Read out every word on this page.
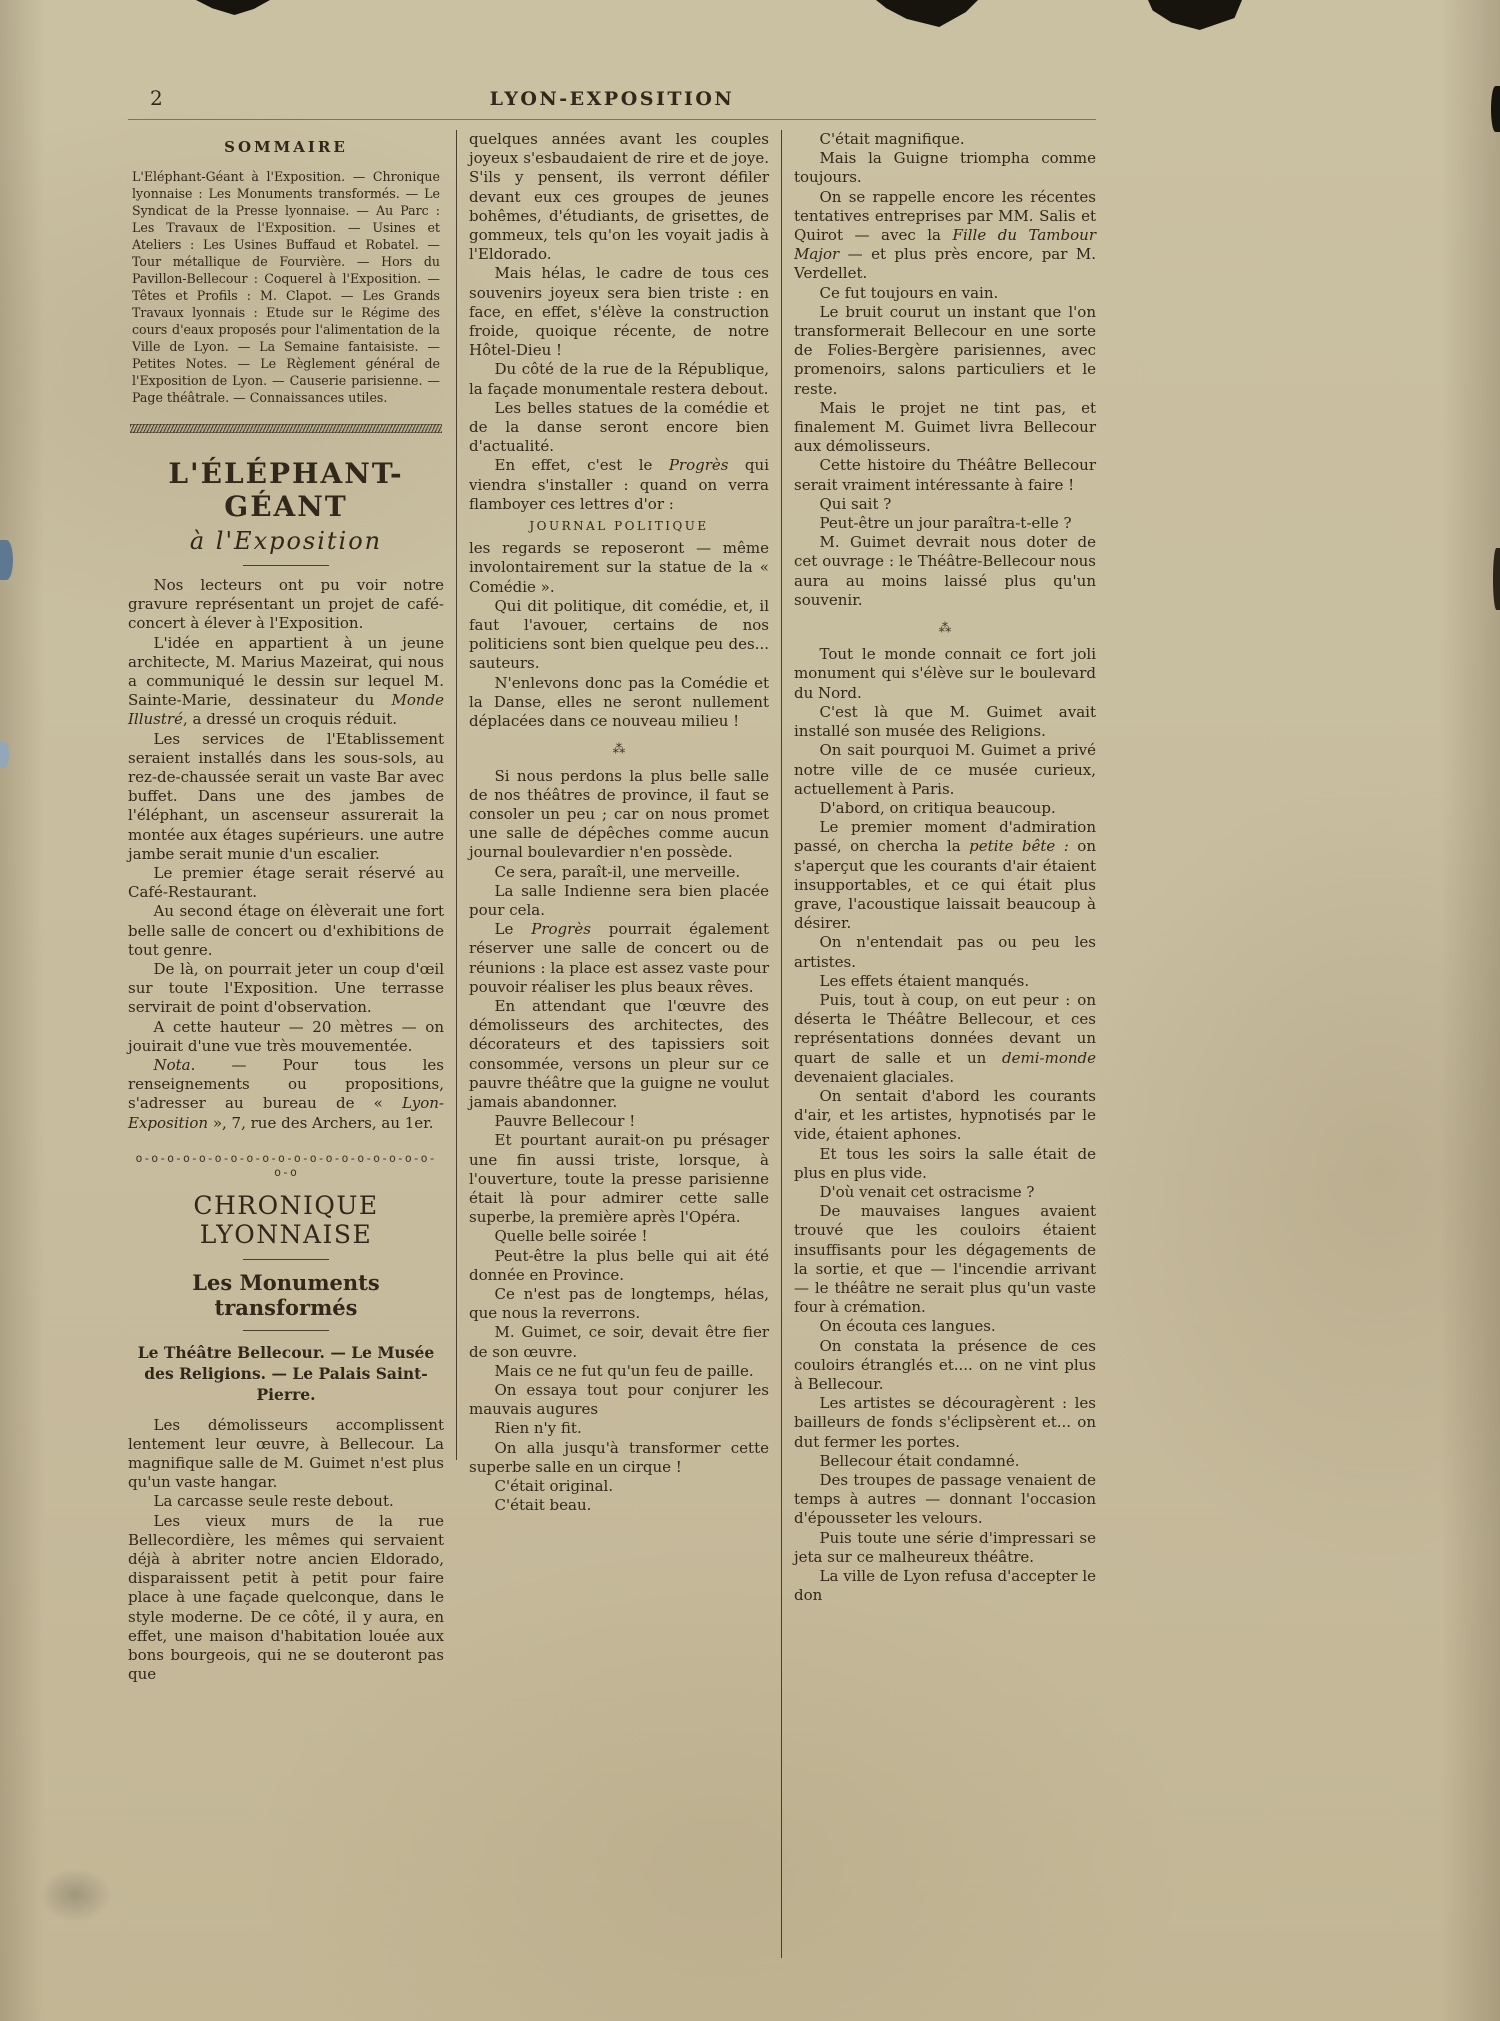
2	LYON-EXPOSITION
SOMMAIRE

L'Eléphant-Géant à l'Exposition. — Chronique lyonnaise : Les Monuments transformés. — Le Syndicat de la Presse lyonnaise. — Au Parc : Les Travaux de l'Exposition. — Usines et Ateliers : Les Usines Buffaud et Robatel. — Tour métallique de Fourvière. — Hors du Pavillon-Bellecour : Coquerel à l'Exposition. — Têtes et Profils : M. Clapot. — Les Grands Travaux lyonnais : Etude sur le Régime des cours d'eaux proposés pour l'alimentation de la Ville de Lyon. — La Semaine fantaisiste. — Petites Notes. — Le Règlement général de l'Exposition de Lyon. — Causerie parisienne. — Page théâtrale. — Connaissances utiles.

L'ÉLÉPHANT-GÉANT
à l'Exposition

Nos lecteurs ont pu voir notre gravure représentant un projet de café-concert à élever à l'Exposition.

L'idée en appartient à un jeune architecte, M. Marius Mazeirat, qui nous a communiqué le dessin sur lequel M. Sainte-Marie, dessinateur du Monde Illustré, a dressé un croquis réduit.

Les services de l'Etablissement seraient installés dans les sous-sols, au rez-de-chaussée serait un vaste Bar avec buffet. Dans une des jambes de l'éléphant, un ascenseur assurerait la montée aux étages supérieurs. une autre jambe serait munie d'un escalier.

Le premier étage serait réservé au Café-Restaurant.

Au second étage on élèverait une fort belle salle de concert ou d'exhibitions de tout genre.

De là, on pourrait jeter un coup d'œil sur toute l'Exposition. Une terrasse servirait de point d'observation.

A cette hauteur — 20 mètres — on jouirait d'une vue très mouvementée.

Nota. — Pour tous les renseignements ou propositions, s'adresser au bureau de « Lyon-Exposition », 7, rue des Archers, au 1er.

o-o-o-o-o-o-o-o-o-o-o-o-o-o-o-o-o-o-o-o-o
CHRONIQUE LYONNAISE
Les Monuments transformés

Le Théâtre Bellecour. — Le Musée des Religions. — Le Palais Saint-Pierre.

Les démolisseurs accomplissent lentement leur œuvre, à Bellecour. La magnifique salle de M. Guimet n'est plus qu'un vaste hangar.

La carcasse seule reste debout.

Les vieux murs de la rue Bellecordière, les mêmes qui servaient déjà à abriter notre ancien Eldorado, disparaissent petit à petit pour faire place à une façade quelconque, dans le style moderne. De ce côté, il y aura, en effet, une maison d'habitation louée aux bons bourgeois, qui ne se douteront pas que

quelques années avant les couples joyeux s'esbaudaient de rire et de joye. S'ils y pensent, ils verront défiler devant eux ces groupes de jeunes bohêmes, d'étudiants, de grisettes, de gommeux, tels qu'on les voyait jadis à l'Eldorado.

Mais hélas, le cadre de tous ces souvenirs joyeux sera bien triste : en face, en effet, s'élève la construction froide, quoique récente, de notre Hôtel-Dieu !

Du côté de la rue de la République, la façade monumentale restera debout.

Les belles statues de la comédie et de la danse seront encore bien d'actualité.

En effet, c'est le Progrès qui viendra s'installer : quand on verra flamboyer ces lettres d'or :

JOURNAL POLITIQUE

les regards se reposeront — même involontairement sur la statue de la « Comédie ».

Qui dit politique, dit comédie, et, il faut l'avouer, certains de nos politiciens sont bien quelque peu des... sauteurs.

N'enlevons donc pas la Comédie et la Danse, elles ne seront nullement déplacées dans ce nouveau milieu !

⁂

Si nous perdons la plus belle salle de nos théâtres de province, il faut se consoler un peu ; car on nous promet une salle de dépêches comme aucun journal boulevardier n'en possède.

Ce sera, paraît-il, une merveille.

La salle Indienne sera bien placée pour cela.

Le Progrès pourrait également réserver une salle de concert ou de réunions : la place est assez vaste pour pouvoir réaliser les plus beaux rêves.

En attendant que l'œuvre des démolisseurs des architectes, des décorateurs et des tapissiers soit consommée, versons un pleur sur ce pauvre théâtre que la guigne ne voulut jamais abandonner.

Pauvre Bellecour !

Et pourtant aurait-on pu présager une fin aussi triste, lorsque, à l'ouverture, toute la presse parisienne était là pour admirer cette salle superbe, la première après l'Opéra.

Quelle belle soirée !

Peut-être la plus belle qui ait été donnée en Province.

Ce n'est pas de longtemps, hélas, que nous la reverrons.

M. Guimet, ce soir, devait être fier de son œuvre.

Mais ce ne fut qu'un feu de paille.

On essaya tout pour conjurer les mauvais augures

Rien n'y fit.

On alla jusqu'à transformer cette superbe salle en un cirque !

C'était original.

C'était beau.

C'était magnifique.

Mais la Guigne triompha comme toujours.

On se rappelle encore les récentes tentatives entreprises par MM. Salis et Quirot — avec la Fille du Tambour Major — et plus près encore, par M. Verdellet.

Ce fut toujours en vain.

Le bruit courut un instant que l'on transformerait Bellecour en une sorte de Folies-Bergère parisiennes, avec promenoirs, salons particuliers et le reste.

Mais le projet ne tint pas, et finalement M. Guimet livra Bellecour aux démolisseurs.

Cette histoire du Théâtre Bellecour serait vraiment intéressante à faire !

Qui sait ?

Peut-être un jour paraîtra-t-elle ?

M. Guimet devrait nous doter de cet ouvrage : le Théâtre-Bellecour nous aura au moins laissé plus qu'un souvenir.

⁂

Tout le monde connait ce fort joli monument qui s'élève sur le boulevard du Nord.

C'est là que M. Guimet avait installé son musée des Religions.

On sait pourquoi M. Guimet a privé notre ville de ce musée curieux, actuellement à Paris.

D'abord, on critiqua beaucoup.

Le premier moment d'admiration passé, on chercha la petite bête : on s'aperçut que les courants d'air étaient insupportables, et ce qui était plus grave, l'acoustique laissait beaucoup à désirer.

On n'entendait pas ou peu les artistes.

Les effets étaient manqués.

Puis, tout à coup, on eut peur : on déserta le Théâtre Bellecour, et ces représentations données devant un quart de salle et un demi-monde devenaient glaciales.

On sentait d'abord les courants d'air, et les artistes, hypnotisés par le vide, étaient aphones.

Et tous les soirs la salle était de plus en plus vide.

D'où venait cet ostracisme ?

De mauvaises langues avaient trouvé que les couloirs étaient insuffisants pour les dégagements de la sortie, et que — l'incendie arrivant — le théâtre ne serait plus qu'un vaste four à crémation.

On écouta ces langues.

On constata la présence de ces couloirs étranglés et.... on ne vint plus à Bellecour.

Les artistes se découragèrent : les bailleurs de fonds s'éclipsèrent et... on dut fermer les portes.

Bellecour était condamné.

Des troupes de passage venaient de temps à autres — donnant l'occasion d'épousseter les velours.

Puis toute une série d'impressari se jeta sur ce malheureux théâtre.

La ville de Lyon refusa d'accepter le don
